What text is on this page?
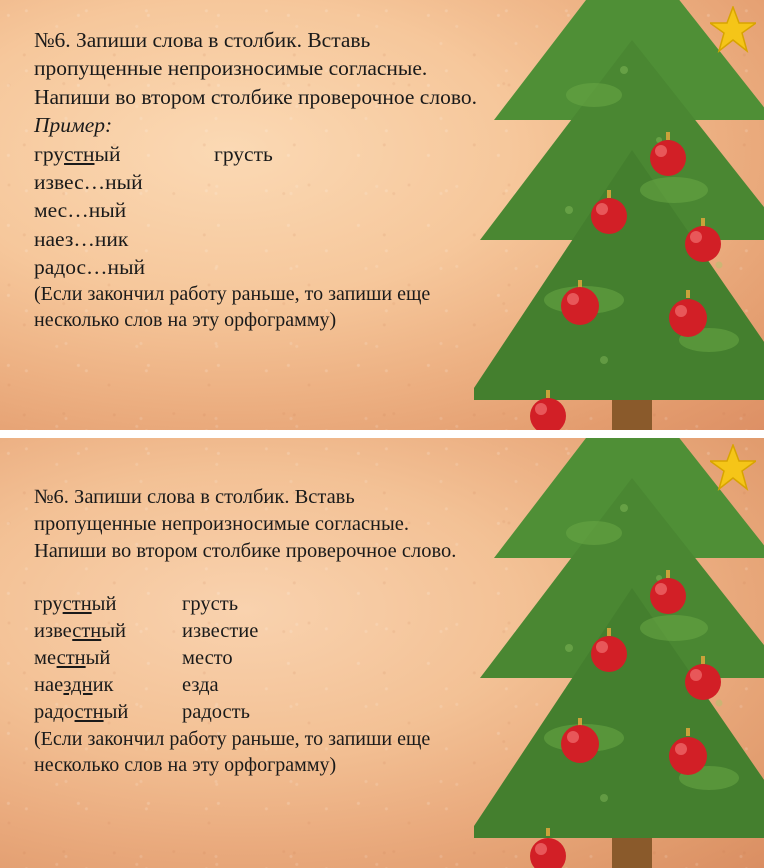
№6. Запиши слова в столбик. Вставь
пропущенные непроизносимые согласные.
Напиши во втором столбике проверочное слово.
Пример:
грустный	грусть
извес…ный
мес…ный
наез…ник
радос…ный
(Если закончил работу раньше, то запиши еще
несколько слов на эту орфограмму)
№6. Запиши слова в столбик. Вставь
пропущенные непроизносимые согласные.
Напиши во втором столбике проверочное слово.
грустный	грусть
известный	известие
местный	место
наездник	езда
радостный	радость
(Если закончил работу раньше, то запиши еще
несколько слов на эту орфограмму)
